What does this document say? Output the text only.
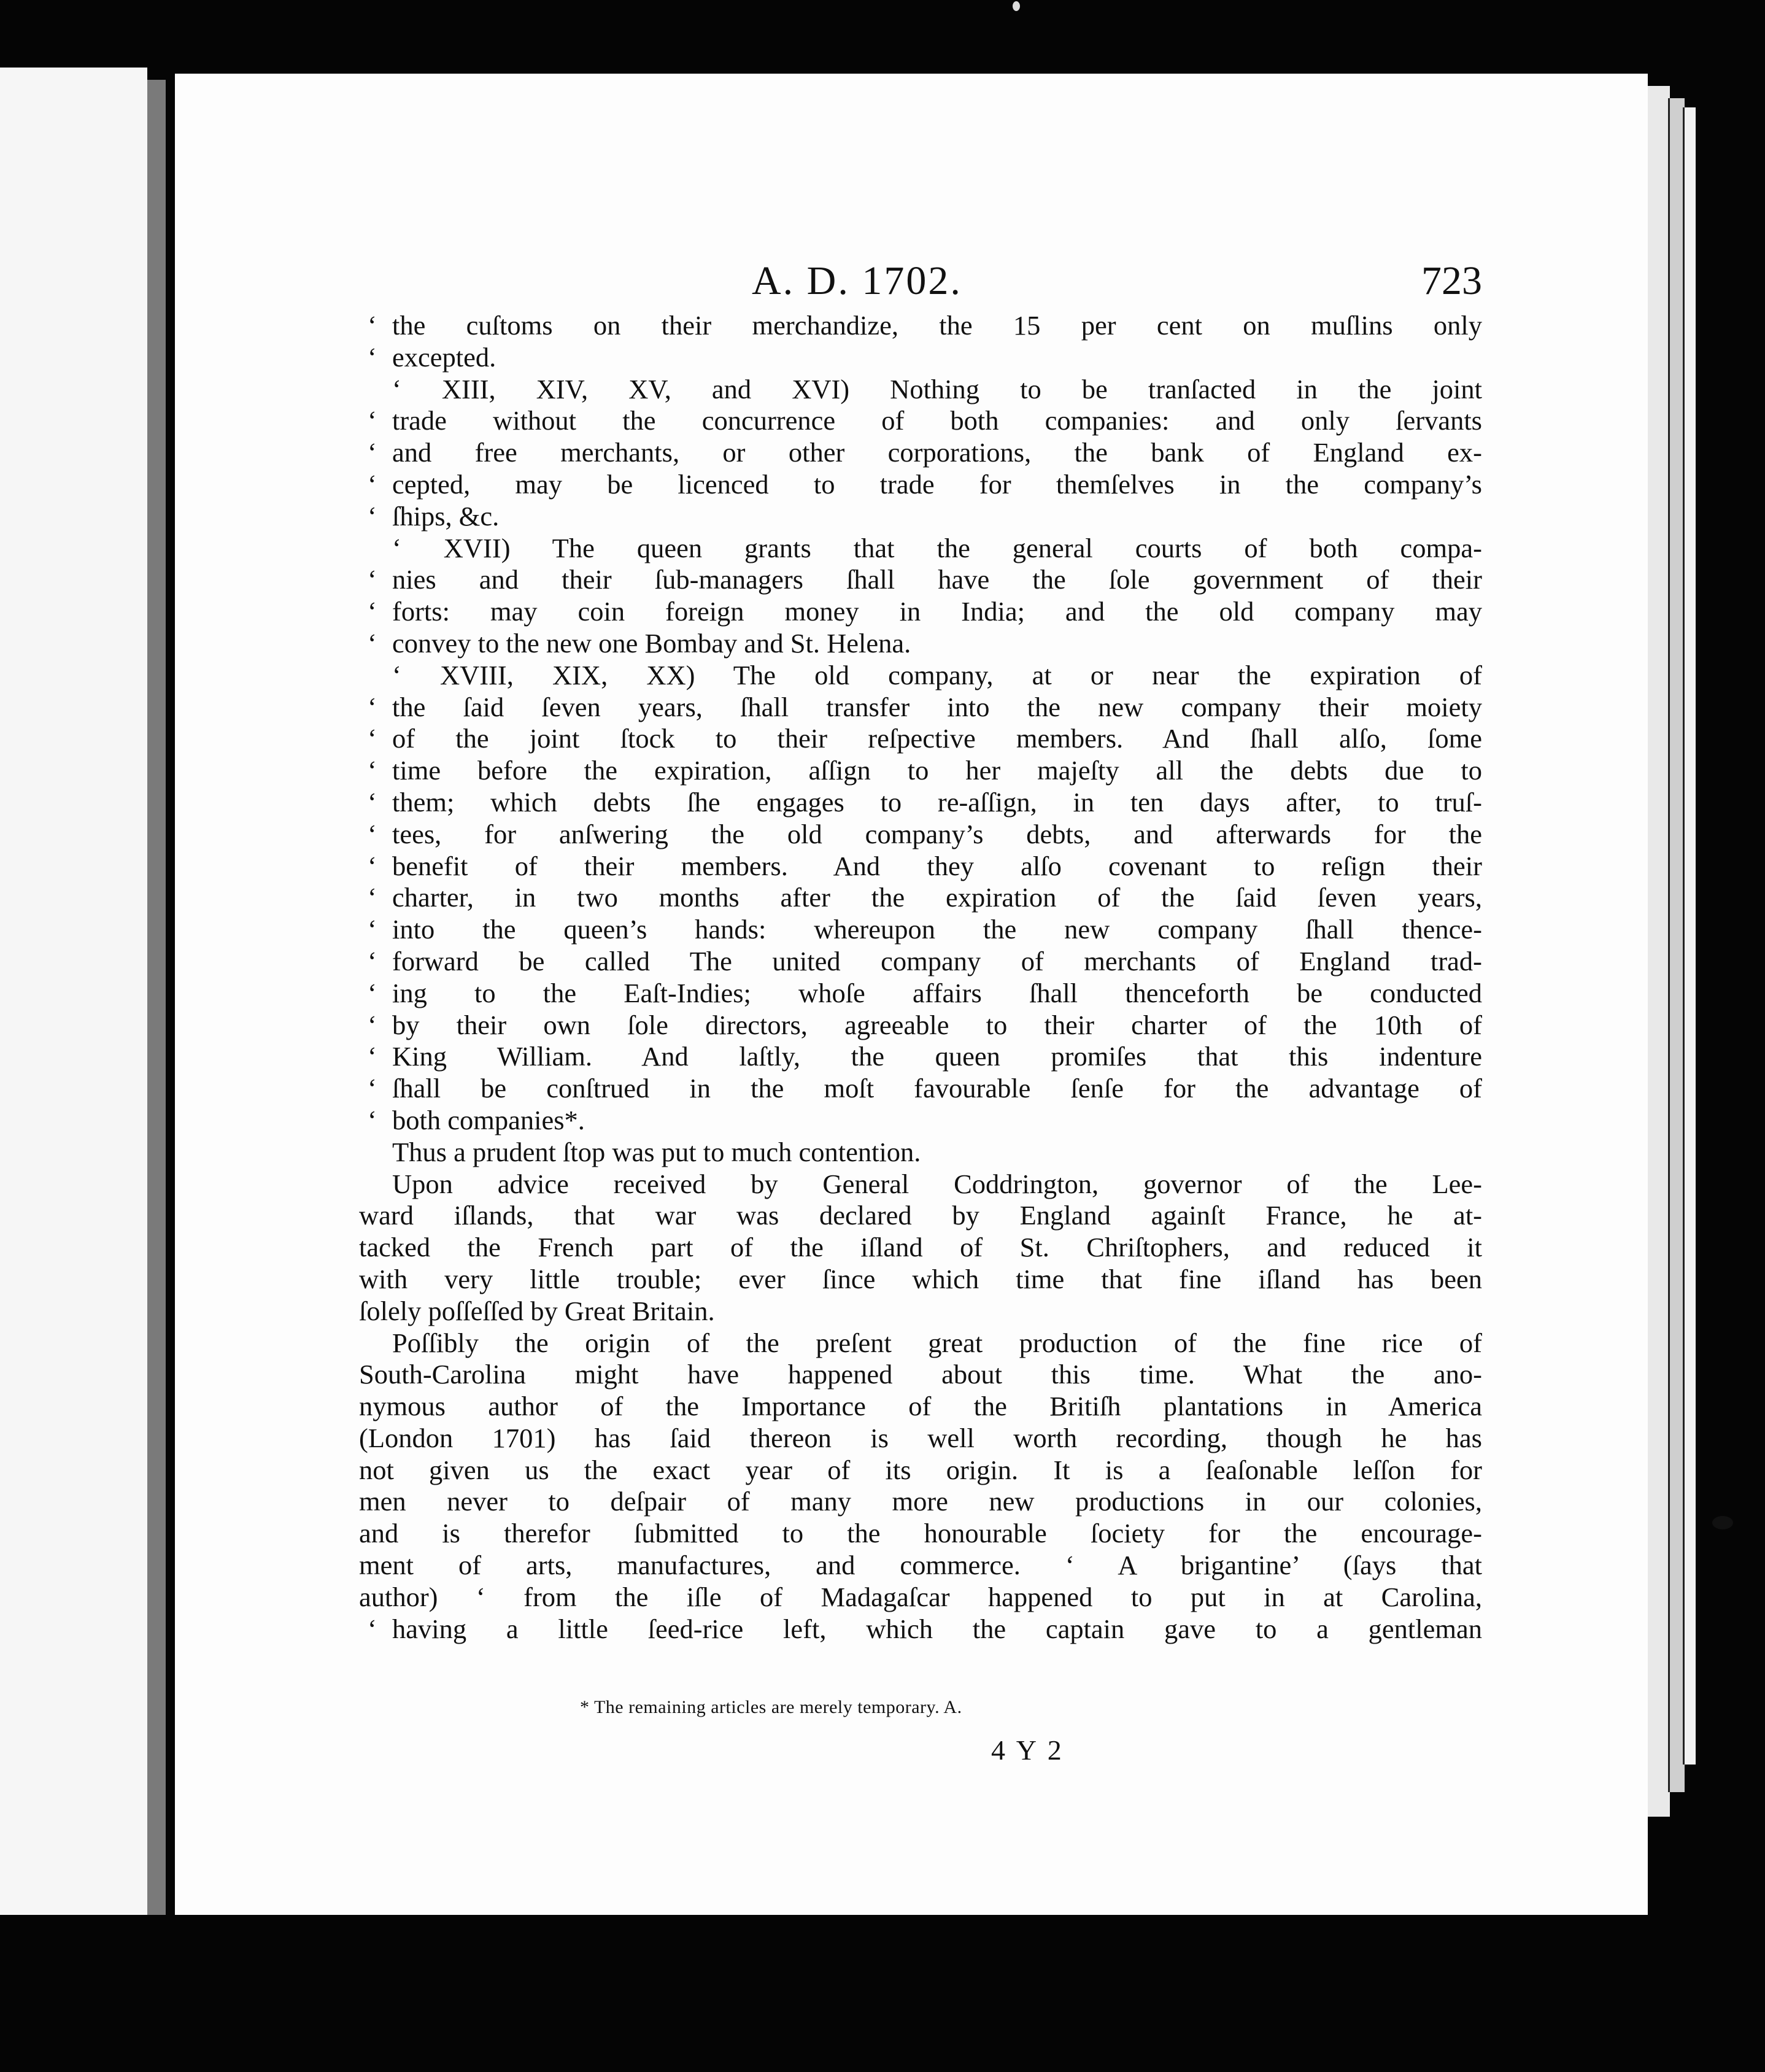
A. D. 1702.	723
‘ the cuſtoms on their merchandize, the 15 per cent on muſlins only
‘ excepted.
‘ XIII, XIV, XV, and XVI) Nothing to be tranſacted in the joint
‘ trade without the concurrence of both companies: and only ſervants
‘ and free merchants, or other corporations, the bank of England ex-
‘ cepted, may be licenced to trade for themſelves in the company’s
‘ ſhips, &c.
‘ XVII) The queen grants that the general courts of both compa-
‘ nies and their ſub-managers ſhall have the ſole government of their
‘ forts: may coin foreign money in India; and the old company may
‘ convey to the new one Bombay and St. Helena.
‘ XVIII, XIX, XX) The old company, at or near the expiration of
‘ the ſaid ſeven years, ſhall transfer into the new company their moiety
‘ of the joint ſtock to their reſpective members. And ſhall alſo, ſome
‘ time before the expiration, aſſign to her majeſty all the debts due to
‘ them; which debts ſhe engages to re-aſſign, in ten days after, to truſ-
‘ tees, for anſwering the old company’s debts, and afterwards for the
‘ benefit of their members. And they alſo covenant to reſign their
‘ charter, in two months after the expiration of the ſaid ſeven years,
‘ into the queen’s hands: whereupon the new company ſhall thence-
‘ forward be called The united company of merchants of England trad-
‘ ing to the Eaſt-Indies; whoſe affairs ſhall thenceforth be conducted
‘ by their own ſole directors, agreeable to their charter of the 10th of
‘ King William. And laſtly, the queen promiſes that this indenture
‘ ſhall be conſtrued in the moſt favourable ſenſe for the advantage of
‘ both companies*.
Thus a prudent ſtop was put to much contention.
Upon advice received by General Coddrington, governor of the Lee-
ward iſlands, that war was declared by England againſt France, he at-
tacked the French part of the iſland of St. Chriſtophers, and reduced it
with very little trouble; ever ſince which time that fine iſland has been
ſolely poſſeſſed by Great Britain.
Poſſibly the origin of the preſent great production of the fine rice of
South-Carolina might have happened about this time. What the ano-
nymous author of the Importance of the Britiſh plantations in America
(London 1701) has ſaid thereon is well worth recording, though he has
not given us the exact year of its origin. It is a ſeaſonable leſſon for
men never to deſpair of many more new productions in our colonies,
and is therefor ſubmitted to the honourable ſociety for the encourage-
ment of arts, manufactures, and commerce. ‘ A brigantine’ (ſays that
author) ‘ from the iſle of Madagaſcar happened to put in at Carolina,
‘ having a little ſeed-rice left, which the captain gave to a gentleman
* The remaining articles are merely temporary. A.
4 Y 2
